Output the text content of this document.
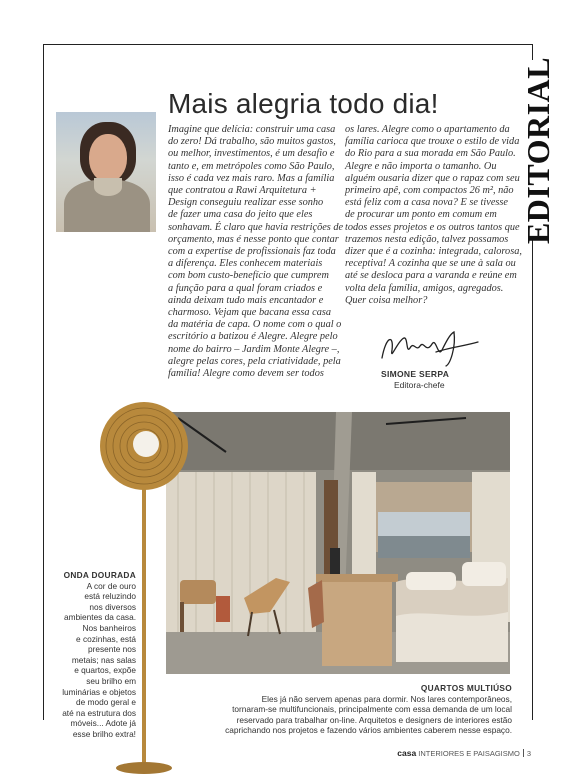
EDITORIAL
Mais alegria todo dia!
Imagine que delícia: construir uma casa
do zero! Dá trabalho, são muitos gastos,
ou melhor, investimentos, é um desafio e
tanto e, em metrópoles como São Paulo,
isso é cada vez mais raro. Mas a família
que contratou a Rawi Arquitetura +
Design conseguiu realizar esse sonho
de fazer uma casa do jeito que eles
sonhavam. É claro que havia restrições de
orçamento, mas é nesse ponto que contar
com a expertise de profissionais faz toda
a diferença. Eles conhecem materiais
com bom custo-benefício que cumprem
a função para a qual foram criados e
ainda deixam tudo mais encantador e
charmoso. Vejam que bacana essa casa
da matéria de capa. O nome com o qual o
escritório a batizou é Alegre. Alegre pelo
nome do bairro – Jardim Monte Alegre –,
alegre pelas cores, pela criatividade, pela
família! Alegre como devem ser todos
os lares. Alegre como o apartamento da
família carioca que trouxe o estilo de vida
do Rio para a sua morada em São Paulo.
Alegre e não importa o tamanho. Ou
alguém ousaria dizer que o rapaz com seu
primeiro apê, com compactos 26 m², não
está feliz com a casa nova? E se tivesse
de procurar um ponto em comum em
todos esses projetos e os outros tantos que
trazemos nesta edição, talvez possamos
dizer que é a cozinha: integrada, calorosa,
receptiva! A cozinha que se une à sala ou
até se desloca para a varanda e reúne em
volta dela família, amigos, agregados.
Quer coisa melhor?
SIMONE SERPA
Editora-chefe
ONDA DOURADA
A cor de ouro
está reluzindo
nos diversos
ambientes da casa.
Nos banheiros
e cozinhas, está
presente nos
metais; nas salas
e quartos, expõe
seu brilho em
luminárias e objetos
de modo geral e
até na estrutura dos
móveis... Adote já
esse brilho extra!
QUARTOS MULTIÚSO
Eles já não servem apenas para dormir. Nos lares contemporâneos,
tornaram-se multifuncionais, principalmente com essa demanda de um local
reservado para trabalhar on-line. Arquitetos e designers de interiores estão
caprichando nos projetos e fazendo vários ambientes caberem nesse espaço.
casa INTERIORES E PAISAGISMO 3
